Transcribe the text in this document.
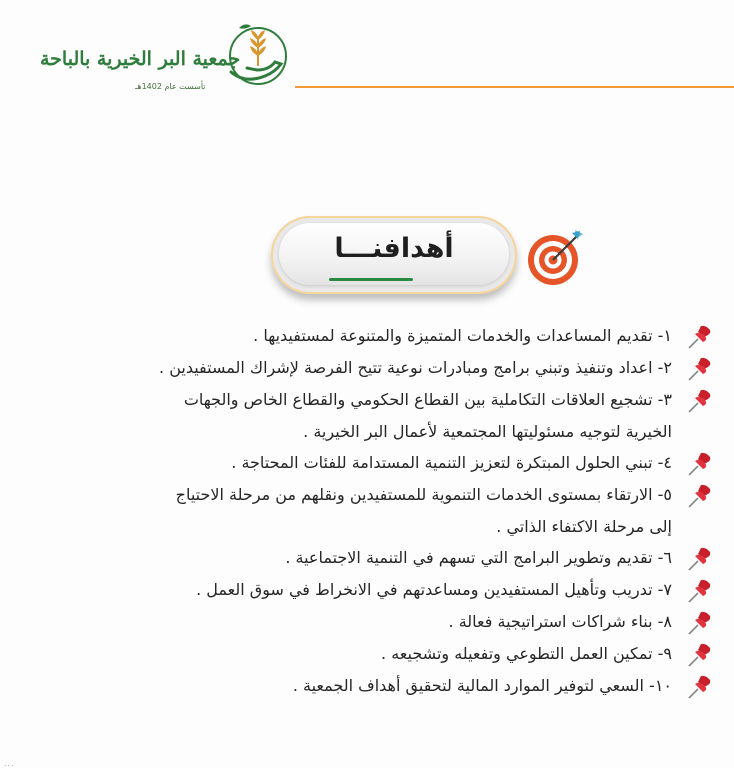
جمعية البر الخيرية بالباحة
تأسست عام 1402هـ
أهدافنـــا
١- تقديم المساعدات والخدمات المتميزة والمتنوعة لمستفيديها .
٢- اعداد وتنفيذ وتبني برامج ومبادرات نوعية تتيح الفرصة لإشراك المستفيدين .
٣- تشجيع العلاقات التكاملية بين القطاع الحكومي والقطاع الخاص والجهات
الخيرية لتوجيه مسئوليتها المجتمعية لأعمال البر الخيرية .
٤- تبني الحلول المبتكرة لتعزيز التنمية المستدامة للفئات المحتاجة .
٥- الارتقاء بمستوى الخدمات التنموية للمستفيدين ونقلهم من مرحلة الاحتياج
إلى مرحلة الاكتفاء الذاتي .
٦- تقديم وتطوير البرامج التي تسهم في التنمية الاجتماعية .
٧- تدريب وتأهيل المستفيدين ومساعدتهم في الانخراط في سوق العمل .
٨- بناء شراكات استراتيجية فعالة .
٩- تمكين العمل التطوعي وتفعيله وتشجيعه .
١٠- السعي لتوفير الموارد المالية لتحقيق أهداف الجمعية .
...
